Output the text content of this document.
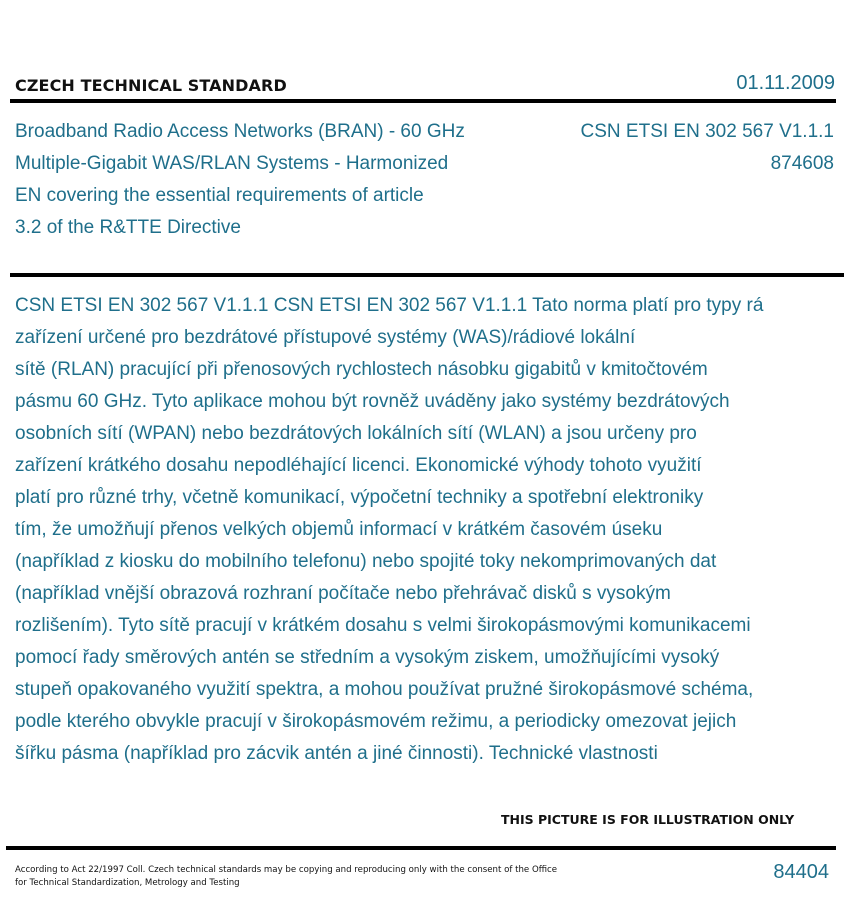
CZECH TECHNICAL STANDARD	01.11.2009
Broadband Radio Access Networks (BRAN) - 60 GHz
Multiple-Gigabit WAS/RLAN Systems - Harmonized
EN covering the essential requirements of article
3.2 of the R&TTE Directive
CSN ETSI EN 302 567 V1.1.1
874608
CSN ETSI EN 302 567 V1.1.1 CSN ETSI EN 302 567 V1.1.1 Tato norma platí pro typy rá
zařízení určené pro bezdrátové přístupové systémy (WAS)/rádiové lokální
sítě (RLAN) pracující při přenosových rychlostech násobku gigabitů v kmitočtovém
pásmu 60 GHz. Tyto aplikace mohou být rovněž uváděny jako systémy bezdrátových
osobních sítí (WPAN) nebo bezdrátových lokálních sítí (WLAN) a jsou určeny pro
zařízení krátkého dosahu nepodléhající licenci. Ekonomické výhody tohoto využití
platí pro různé trhy, včetně komunikací, výpočetní techniky a spotřební elektroniky
tím, že umožňují přenos velkých objemů informací v krátkém časovém úseku
(například z kiosku do mobilního telefonu) nebo spojité toky nekomprimovaných dat
(například vnější obrazová rozhraní počítače nebo přehrávač disků s vysokým
rozlišením). Tyto sítě pracují v krátkém dosahu s velmi širokopásmovými komunikacemi
pomocí řady směrových antén se středním a vysokým ziskem, umožňujícími vysoký
stupeň opakovaného využití spektra, a mohou používat pružné širokopásmové schéma,
podle kterého obvykle pracují v širokopásmovém režimu, a periodicky omezovat jejich
šířku pásma (například pro zácvik antén a jiné činnosti). Technické vlastnosti
THIS PICTURE IS FOR ILLUSTRATION ONLY
According to Act 22/1997 Coll. Czech technical standards may be copying and reproducing only with the consent of the Office
for Technical Standardization, Metrology and Testing	84404
